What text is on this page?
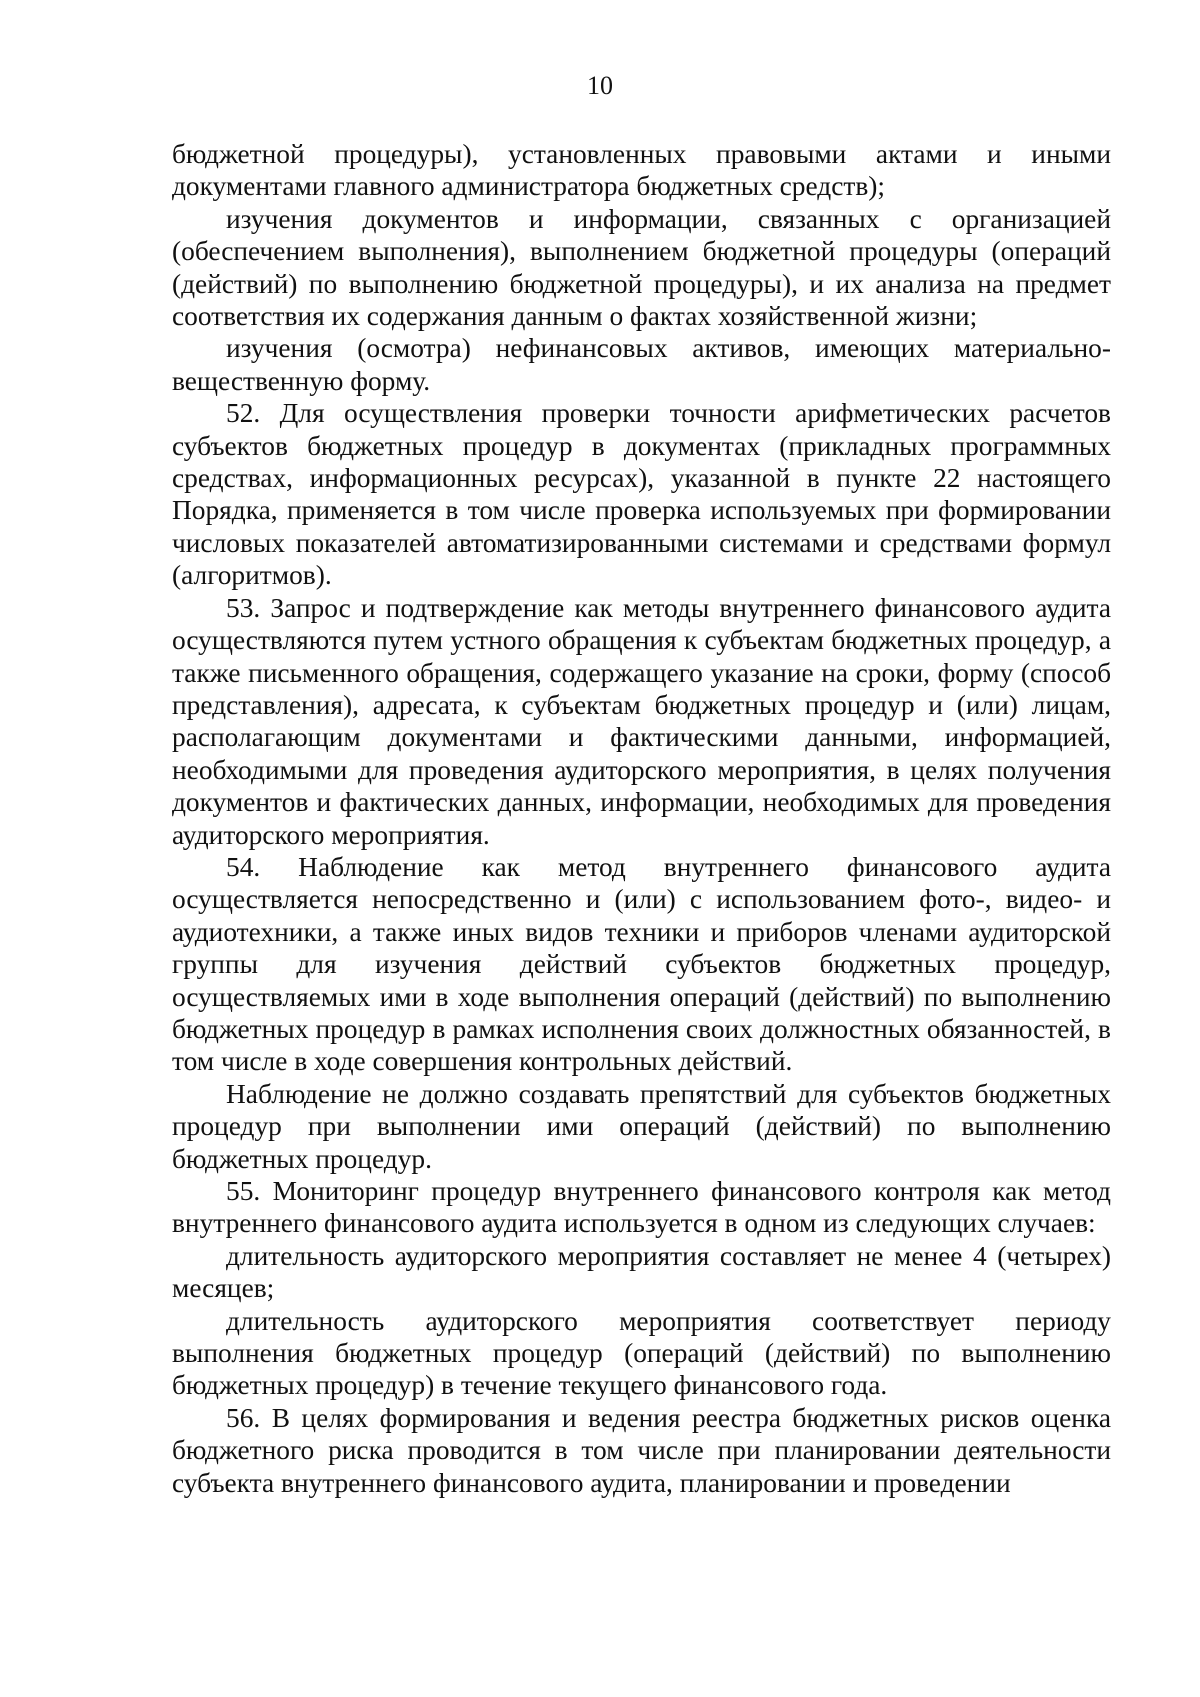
10

бюджетной процедуры), установленных правовыми актами и иными документами главного администратора бюджетных средств);

изучения документов и информации, связанных с организацией (обеспечением выполнения), выполнением бюджетной процедуры (операций (действий) по выполнению бюджетной процедуры), и их анализа на предмет соответствия их содержания данным о фактах хозяйственной жизни;

изучения (осмотра) нефинансовых активов, имеющих материально-вещественную форму.

52. Для осуществления проверки точности арифметических расчетов субъектов бюджетных процедур в документах (прикладных программных средствах, информационных ресурсах), указанной в пункте 22 настоящего Порядка, применяется в том числе проверка используемых при формировании числовых показателей автоматизированными системами и средствами формул (алгоритмов).

53. Запрос и подтверждение как методы внутреннего финансового аудита осуществляются путем устного обращения к субъектам бюджетных процедур, а также письменного обращения, содержащего указание на сроки, форму (способ представления), адресата, к субъектам бюджетных процедур и (или) лицам, располагающим документами и фактическими данными, информацией, необходимыми для проведения аудиторского мероприятия, в целях получения документов и фактических данных, информации, необходимых для проведения аудиторского мероприятия.

54. Наблюдение как метод внутреннего финансового аудита осуществляется непосредственно и (или) с использованием фото-, видео- и аудиотехники, а также иных видов техники и приборов членами аудиторской группы для изучения действий субъектов бюджетных процедур, осуществляемых ими в ходе выполнения операций (действий) по выполнению бюджетных процедур в рамках исполнения своих должностных обязанностей, в том числе в ходе совершения контрольных действий.

Наблюдение не должно создавать препятствий для субъектов бюджетных процедур при выполнении ими операций (действий) по выполнению бюджетных процедур.

55. Мониторинг процедур внутреннего финансового контроля как метод внутреннего финансового аудита используется в одном из следующих случаев:

длительность аудиторского мероприятия составляет не менее 4 (четырех) месяцев;

длительность аудиторского мероприятия соответствует периоду выполнения бюджетных процедур (операций (действий) по выполнению бюджетных процедур) в течение текущего финансового года.

56. В целях формирования и ведения реестра бюджетных рисков оценка бюджетного риска проводится в том числе при планировании деятельности субъекта внутреннего финансового аудита, планировании и проведении
